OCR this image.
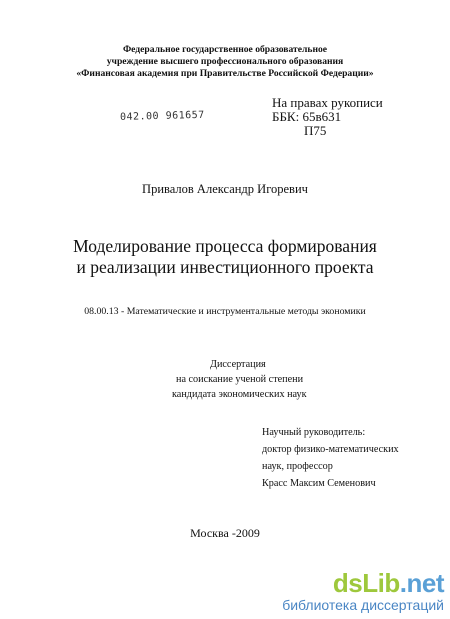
Федеральное государственное образовательное
учреждение высшего профессионального образования
«Финансовая академия при Правительстве Российской Федерации»
На правах рукописи
ББК: 65в631
П75
042.00 961657
Привалов Александр Игоревич
Моделирование процесса формирования
и реализации инвестиционного проекта
08.00.13 - Математические и инструментальные методы экономики
Диссертация
на соискание ученой степени
кандидата экономических наук
Научный руководитель:
доктор физико-математических
наук, профессор
Красс Максим Семенович
Москва -2009
dsLib.net
библиотека диссертаций
